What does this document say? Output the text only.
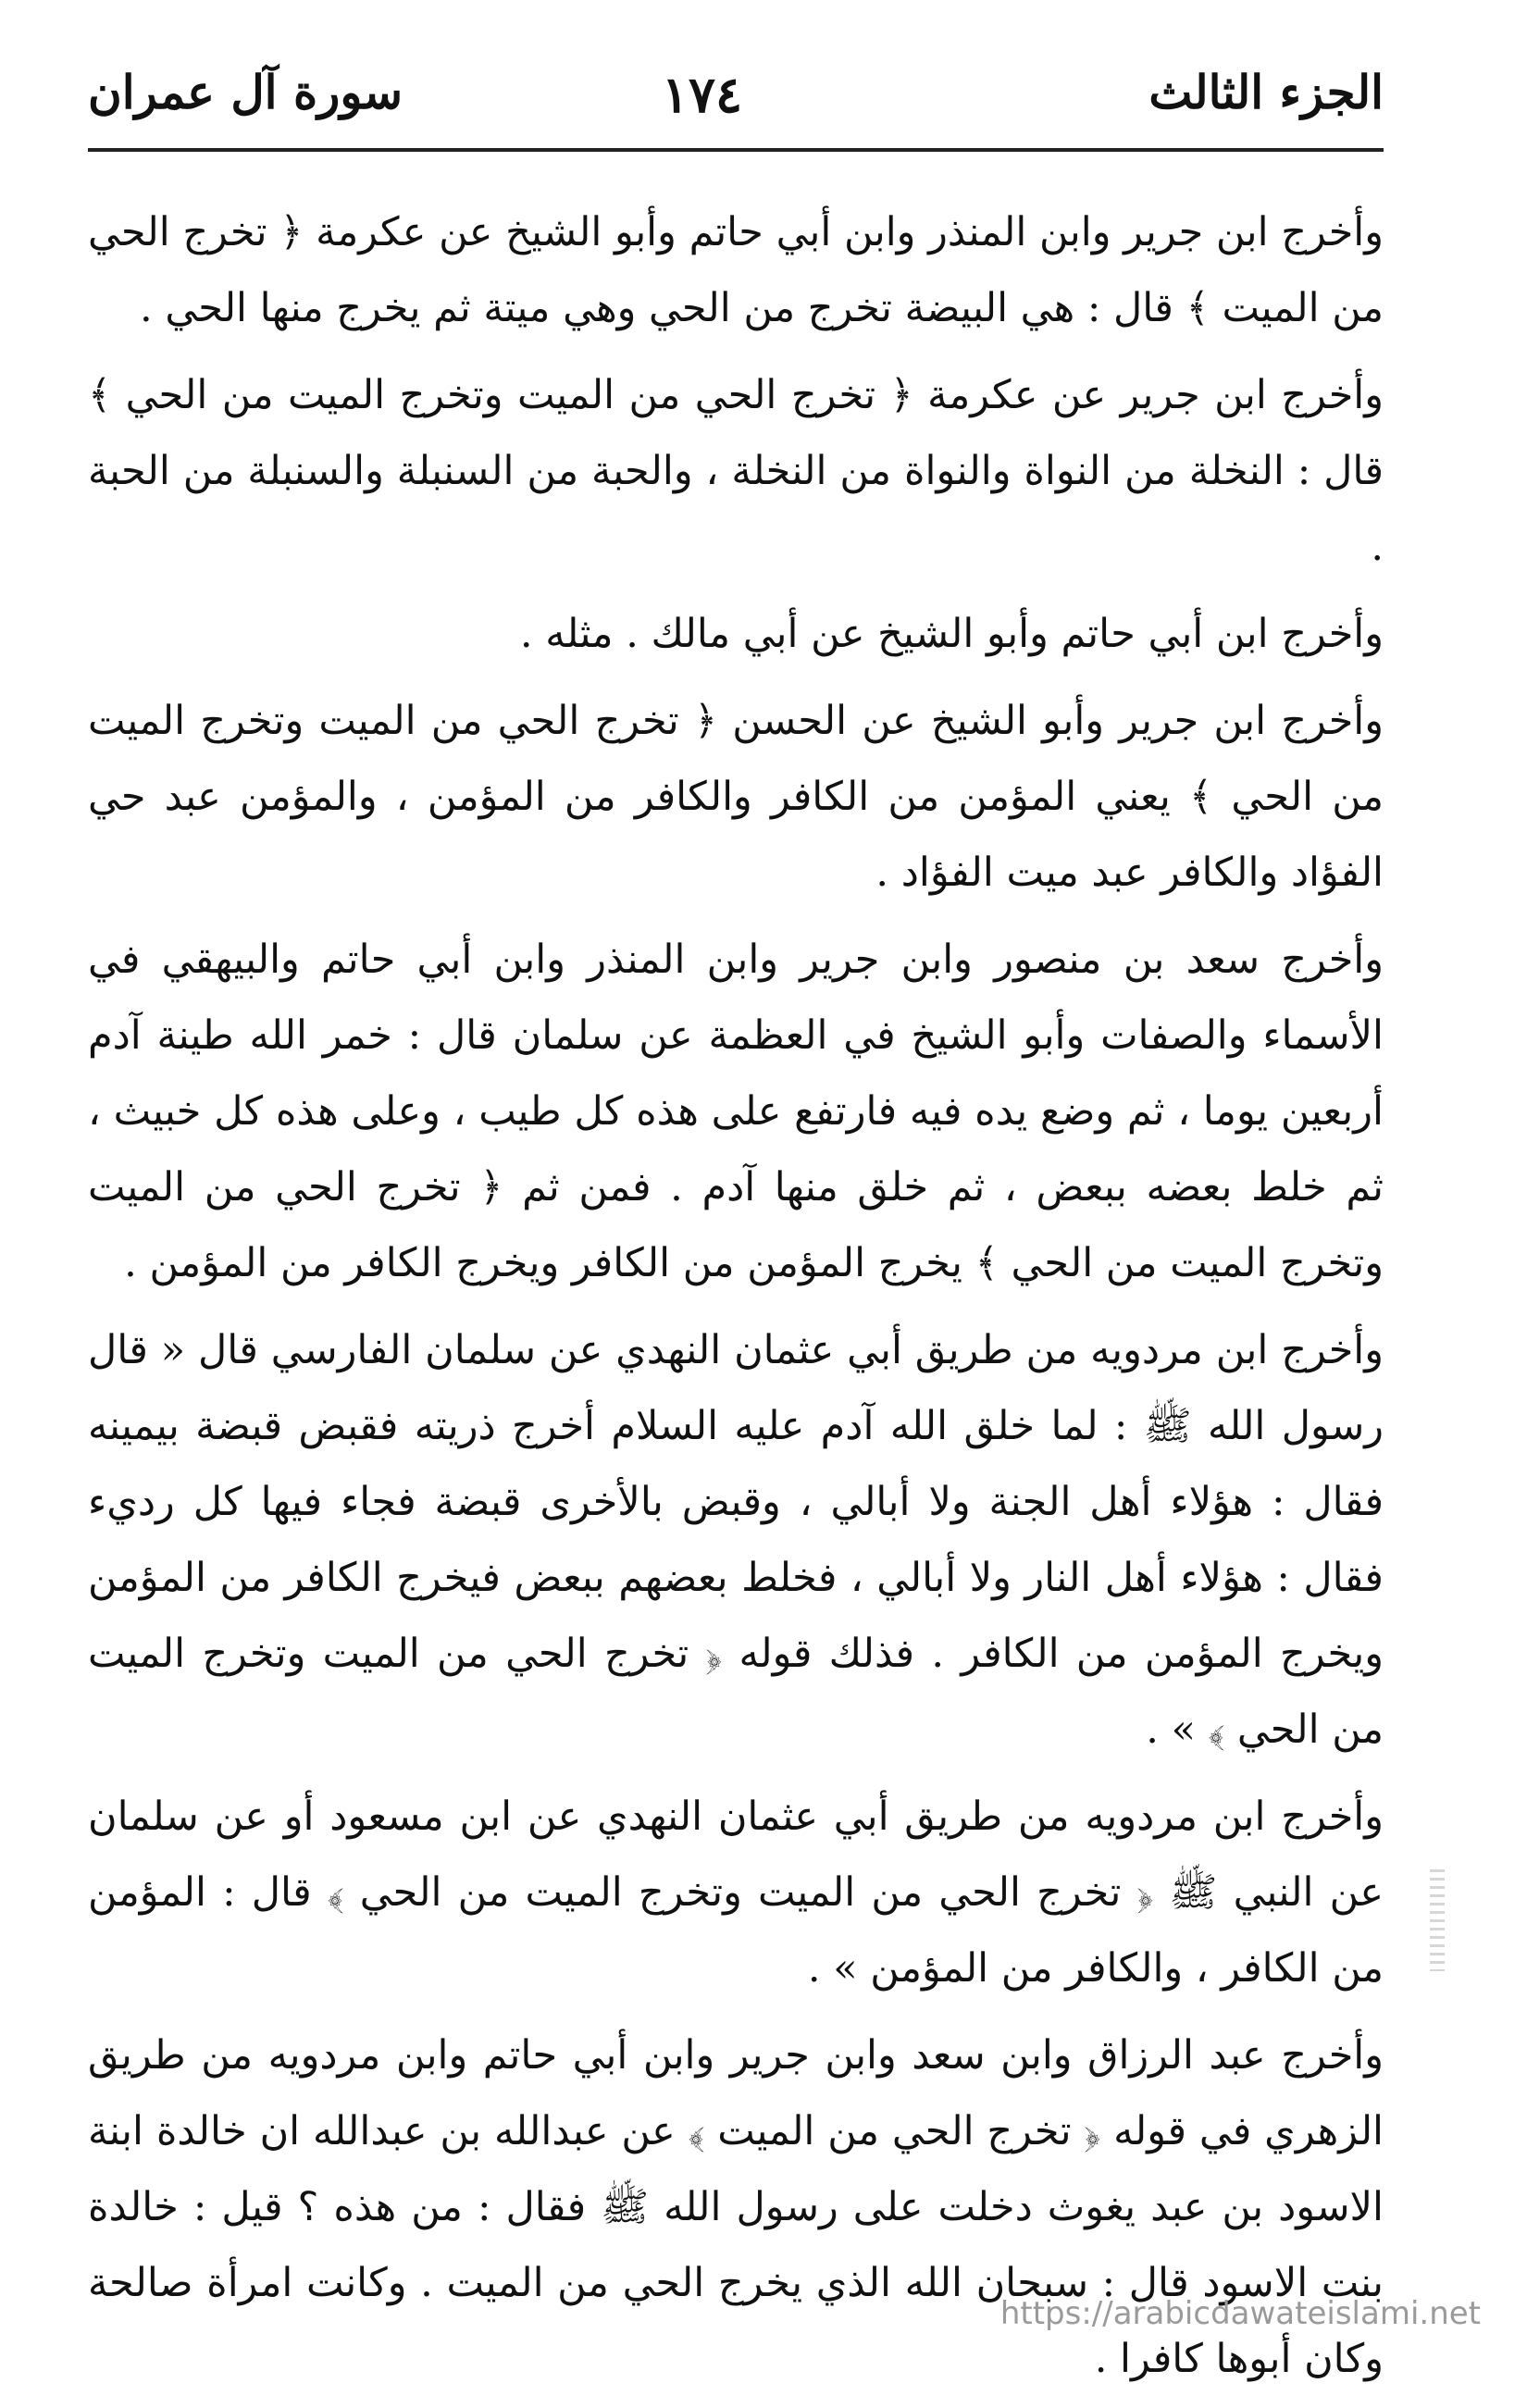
الجزء الثالث
١٧٤
سورة آل عمران

وأخرج ابن جرير وابن المنذر وابن أبي حاتم وأبو الشيخ عن عكرمة ﴿ تخرج الحي من الميت ﴾ قال : هي البيضة تخرج من الحي وهي ميتة ثم يخرج منها الحي .

وأخرج ابن جرير عن عكرمة ﴿ تخرج الحي من الميت وتخرج الميت من الحي ﴾ قال : النخلة من النواة والنواة من النخلة ، والحبة من السنبلة والسنبلة من الحبة .

وأخرج ابن أبي حاتم وأبو الشيخ عن أبي مالك . مثله .

وأخرج ابن جرير وأبو الشيخ عن الحسن ﴿ تخرج الحي من الميت وتخرج الميت من الحي ﴾ يعني المؤمن من الكافر والكافر من المؤمن ، والمؤمن عبد حي الفؤاد والكافر عبد ميت الفؤاد .

وأخرج سعد بن منصور وابن جرير وابن المنذر وابن أبي حاتم والبيهقي في الأسماء والصفات وأبو الشيخ في العظمة عن سلمان قال : خمر الله طينة آدم أربعين يوما ، ثم وضع يده فيه فارتفع على هذه كل طيب ، وعلى هذه كل خبيث ، ثم خلط بعضه ببعض ، ثم خلق منها آدم . فمن ثم ﴿ تخرج الحي من الميت وتخرج الميت من الحي ﴾ يخرج المؤمن من الكافر ويخرج الكافر من المؤمن .

وأخرج ابن مردويه من طريق أبي عثمان النهدي عن سلمان الفارسي قال « قال رسول الله ﷺ : لما خلق الله آدم عليه السلام أخرج ذريته فقبض قبضة بيمينه فقال : هؤلاء أهل الجنة ولا أبالي ، وقبض بالأخرى قبضة فجاء فيها كل رديء فقال : هؤلاء أهل النار ولا أبالي ، فخلط بعضهم ببعض فيخرج الكافر من المؤمن ويخرج المؤمن من الكافر . فذلك قوله ﴿ تخرج الحي من الميت وتخرج الميت من الحي ﴾ » .

وأخرج ابن مردويه من طريق أبي عثمان النهدي عن ابن مسعود أو عن سلمان عن النبي ﷺ ﴿ تخرج الحي من الميت وتخرج الميت من الحي ﴾ قال : المؤمن من الكافر ، والكافر من المؤمن » .

وأخرج عبد الرزاق وابن سعد وابن جرير وابن أبي حاتم وابن مردويه من طريق الزهري في قوله ﴿ تخرج الحي من الميت ﴾ عن عبدالله بن عبدالله ان خالدة ابنة الاسود بن عبد يغوث دخلت على رسول الله ﷺ فقال : من هذه ؟ قيل : خالدة بنت الاسود قال : سبحان الله الذي يخرج الحي من الميت . وكانت امرأة صالحة وكان أبوها كافرا .

https://arabicdawateislami.net
